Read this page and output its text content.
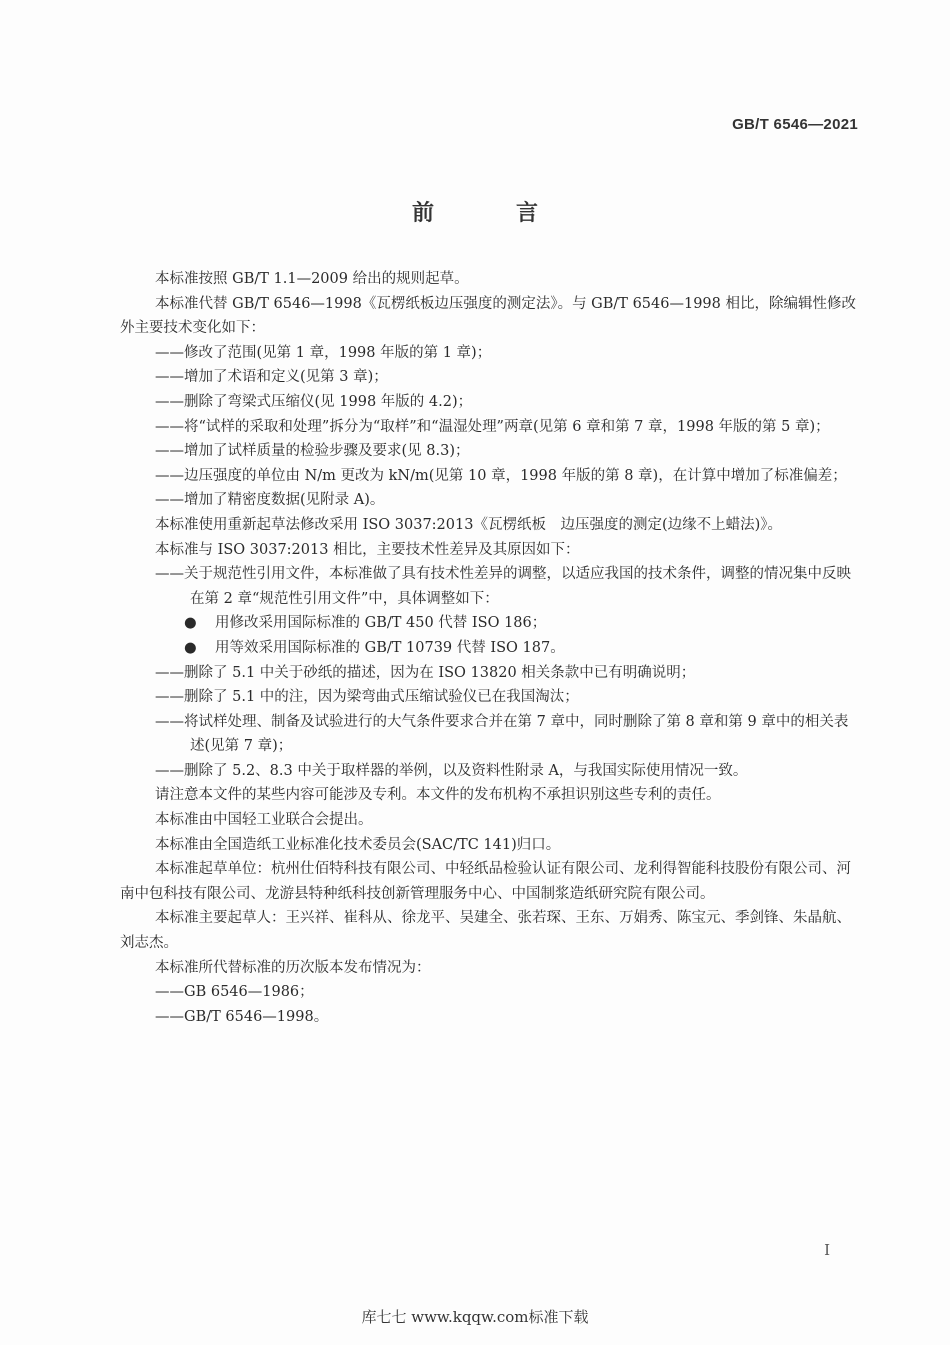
GB/T 6546—2021
前　言

本标准按照 GB/T 1.1—2009 给出的规则起草。

本标准代替 GB/T 6546—1998《瓦楞纸板边压强度的测定法》。与 GB/T 6546—1998 相比，除编辑性修改外主要技术变化如下：

——修改了范围(见第 1 章，1998 年版的第 1 章)；

——增加了术语和定义(见第 3 章)；

——删除了弯梁式压缩仪(见 1998 年版的 4.2)；

——将“试样的采取和处理”拆分为“取样”和“温湿处理”两章(见第 6 章和第 7 章，1998 年版的第 5 章)；

——增加了试样质量的检验步骤及要求(见 8.3)；

——边压强度的单位由 N/m 更改为 kN/m(见第 10 章，1998 年版的第 8 章)，在计算中增加了标准偏差；

——增加了精密度数据(见附录 A)。

本标准使用重新起草法修改采用 ISO 3037:2013《瓦楞纸板　边压强度的测定(边缘不上蜡法)》。

本标准与 ISO 3037:2013 相比，主要技术性差异及其原因如下：

——关于规范性引用文件，本标准做了具有技术性差异的调整，以适应我国的技术条件，调整的情况集中反映在第 2 章“规范性引用文件”中，具体调整如下：

● 用修改采用国际标准的 GB/T 450 代替 ISO 186；

● 用等效采用国际标准的 GB/T 10739 代替 ISO 187。

——删除了 5.1 中关于砂纸的描述，因为在 ISO 13820 相关条款中已有明确说明；

——删除了 5.1 中的注，因为梁弯曲式压缩试验仪已在我国淘汰；

——将试样处理、制备及试验进行的大气条件要求合并在第 7 章中，同时删除了第 8 章和第 9 章中的相关表述(见第 7 章)；

——删除了 5.2、8.3 中关于取样器的举例，以及资料性附录 A，与我国实际使用情况一致。

请注意本文件的某些内容可能涉及专利。本文件的发布机构不承担识别这些专利的责任。

本标准由中国轻工业联合会提出。

本标准由全国造纸工业标准化技术委员会(SAC/TC 141)归口。

本标准起草单位：杭州仕佰特科技有限公司、中轻纸品检验认证有限公司、龙利得智能科技股份有限公司、河南中包科技有限公司、龙游县特种纸科技创新管理服务中心、中国制浆造纸研究院有限公司。

本标准主要起草人：王兴祥、崔科从、徐龙平、吴建全、张若琛、王东、万娟秀、陈宝元、季剑锋、朱晶航、刘志杰。

本标准所代替标准的历次版本发布情况为：

——GB 6546—1986；

——GB/T 6546—1998。

I
库七七 www.kqqw.com标准下载
